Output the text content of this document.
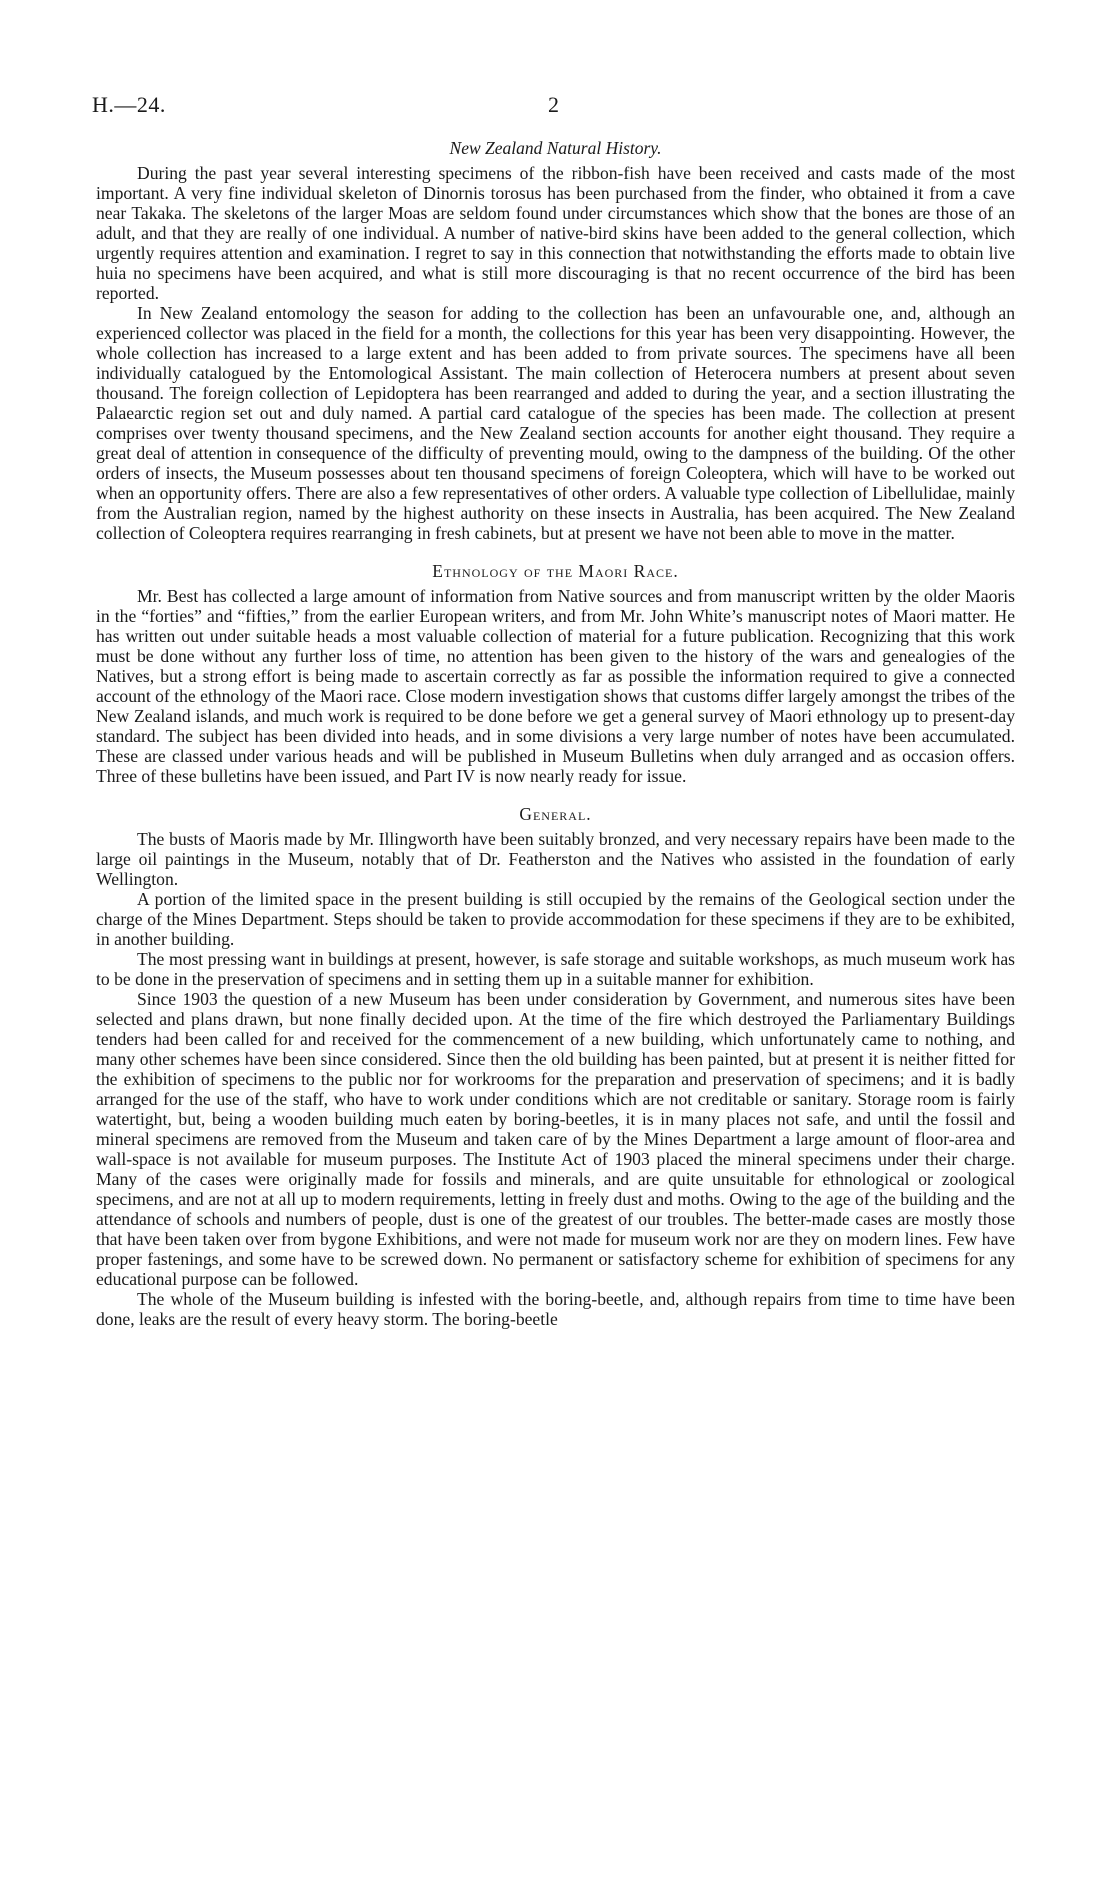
H.—24.	2
New Zealand Natural History.

During the past year several interesting specimens of the ribbon-fish have been received and casts made of the most important. A very fine individual skeleton of Dinornis torosus has been purchased from the finder, who obtained it from a cave near Takaka. The skeletons of the larger Moas are seldom found under circumstances which show that the bones are those of an adult, and that they are really of one individual. A number of native-bird skins have been added to the general collection, which urgently requires attention and examination. I regret to say in this connection that notwithstanding the efforts made to obtain live huia no specimens have been acquired, and what is still more discouraging is that no recent occurrence of the bird has been reported.

In New Zealand entomology the season for adding to the collection has been an unfavourable one, and, although an experienced collector was placed in the field for a month, the collections for this year has been very disappointing. However, the whole collection has increased to a large extent and has been added to from private sources. The specimens have all been individually catalogued by the Entomological Assistant. The main collection of Heterocera numbers at present about seven thousand. The foreign collection of Lepidoptera has been rearranged and added to during the year, and a section illustrating the Palaearctic region set out and duly named. A partial card catalogue of the species has been made. The collection at present comprises over twenty thousand specimens, and the New Zealand section accounts for another eight thousand. They require a great deal of attention in consequence of the difficulty of preventing mould, owing to the dampness of the building. Of the other orders of insects, the Museum possesses about ten thousand specimens of foreign Coleoptera, which will have to be worked out when an opportunity offers. There are also a few representatives of other orders. A valuable type collection of Libellulidae, mainly from the Australian region, named by the highest authority on these insects in Australia, has been acquired. The New Zealand collection of Coleoptera requires rearranging in fresh cabinets, but at present we have not been able to move in the matter.

Ethnology of the Maori Race.

Mr. Best has collected a large amount of information from Native sources and from manuscript written by the older Maoris in the “forties” and “fifties,” from the earlier European writers, and from Mr. John White’s manuscript notes of Maori matter. He has written out under suitable heads a most valuable collection of material for a future publication. Recognizing that this work must be done without any further loss of time, no attention has been given to the history of the wars and genealogies of the Natives, but a strong effort is being made to ascertain correctly as far as possible the information required to give a connected account of the ethnology of the Maori race. Close modern investigation shows that customs differ largely amongst the tribes of the New Zealand islands, and much work is required to be done before we get a general survey of Maori ethnology up to present-day standard. The subject has been divided into heads, and in some divisions a very large number of notes have been accumulated. These are classed under various heads and will be published in Museum Bulletins when duly arranged and as occasion offers. Three of these bulletins have been issued, and Part IV is now nearly ready for issue.

General.

The busts of Maoris made by Mr. Illingworth have been suitably bronzed, and very necessary repairs have been made to the large oil paintings in the Museum, notably that of Dr. Featherston and the Natives who assisted in the foundation of early Wellington.

A portion of the limited space in the present building is still occupied by the remains of the Geological section under the charge of the Mines Department. Steps should be taken to provide accommodation for these specimens if they are to be exhibited, in another building.

The most pressing want in buildings at present, however, is safe storage and suitable workshops, as much museum work has to be done in the preservation of specimens and in setting them up in a suitable manner for exhibition.

Since 1903 the question of a new Museum has been under consideration by Government, and numerous sites have been selected and plans drawn, but none finally decided upon. At the time of the fire which destroyed the Parliamentary Buildings tenders had been called for and received for the commencement of a new building, which unfortunately came to nothing, and many other schemes have been since considered. Since then the old building has been painted, but at present it is neither fitted for the exhibition of specimens to the public nor for workrooms for the preparation and preservation of specimens; and it is badly arranged for the use of the staff, who have to work under conditions which are not creditable or sanitary. Storage room is fairly watertight, but, being a wooden building much eaten by boring-beetles, it is in many places not safe, and until the fossil and mineral specimens are removed from the Museum and taken care of by the Mines Department a large amount of floor-area and wall-space is not available for museum purposes. The Institute Act of 1903 placed the mineral specimens under their charge. Many of the cases were originally made for fossils and minerals, and are quite unsuitable for ethnological or zoological specimens, and are not at all up to modern requirements, letting in freely dust and moths. Owing to the age of the building and the attendance of schools and numbers of people, dust is one of the greatest of our troubles. The better-made cases are mostly those that have been taken over from bygone Exhibitions, and were not made for museum work nor are they on modern lines. Few have proper fastenings, and some have to be screwed down. No permanent or satisfactory scheme for exhibition of specimens for any educational purpose can be followed.

The whole of the Museum building is infested with the boring-beetle, and, although repairs from time to time have been done, leaks are the result of every heavy storm. The boring-beetle
